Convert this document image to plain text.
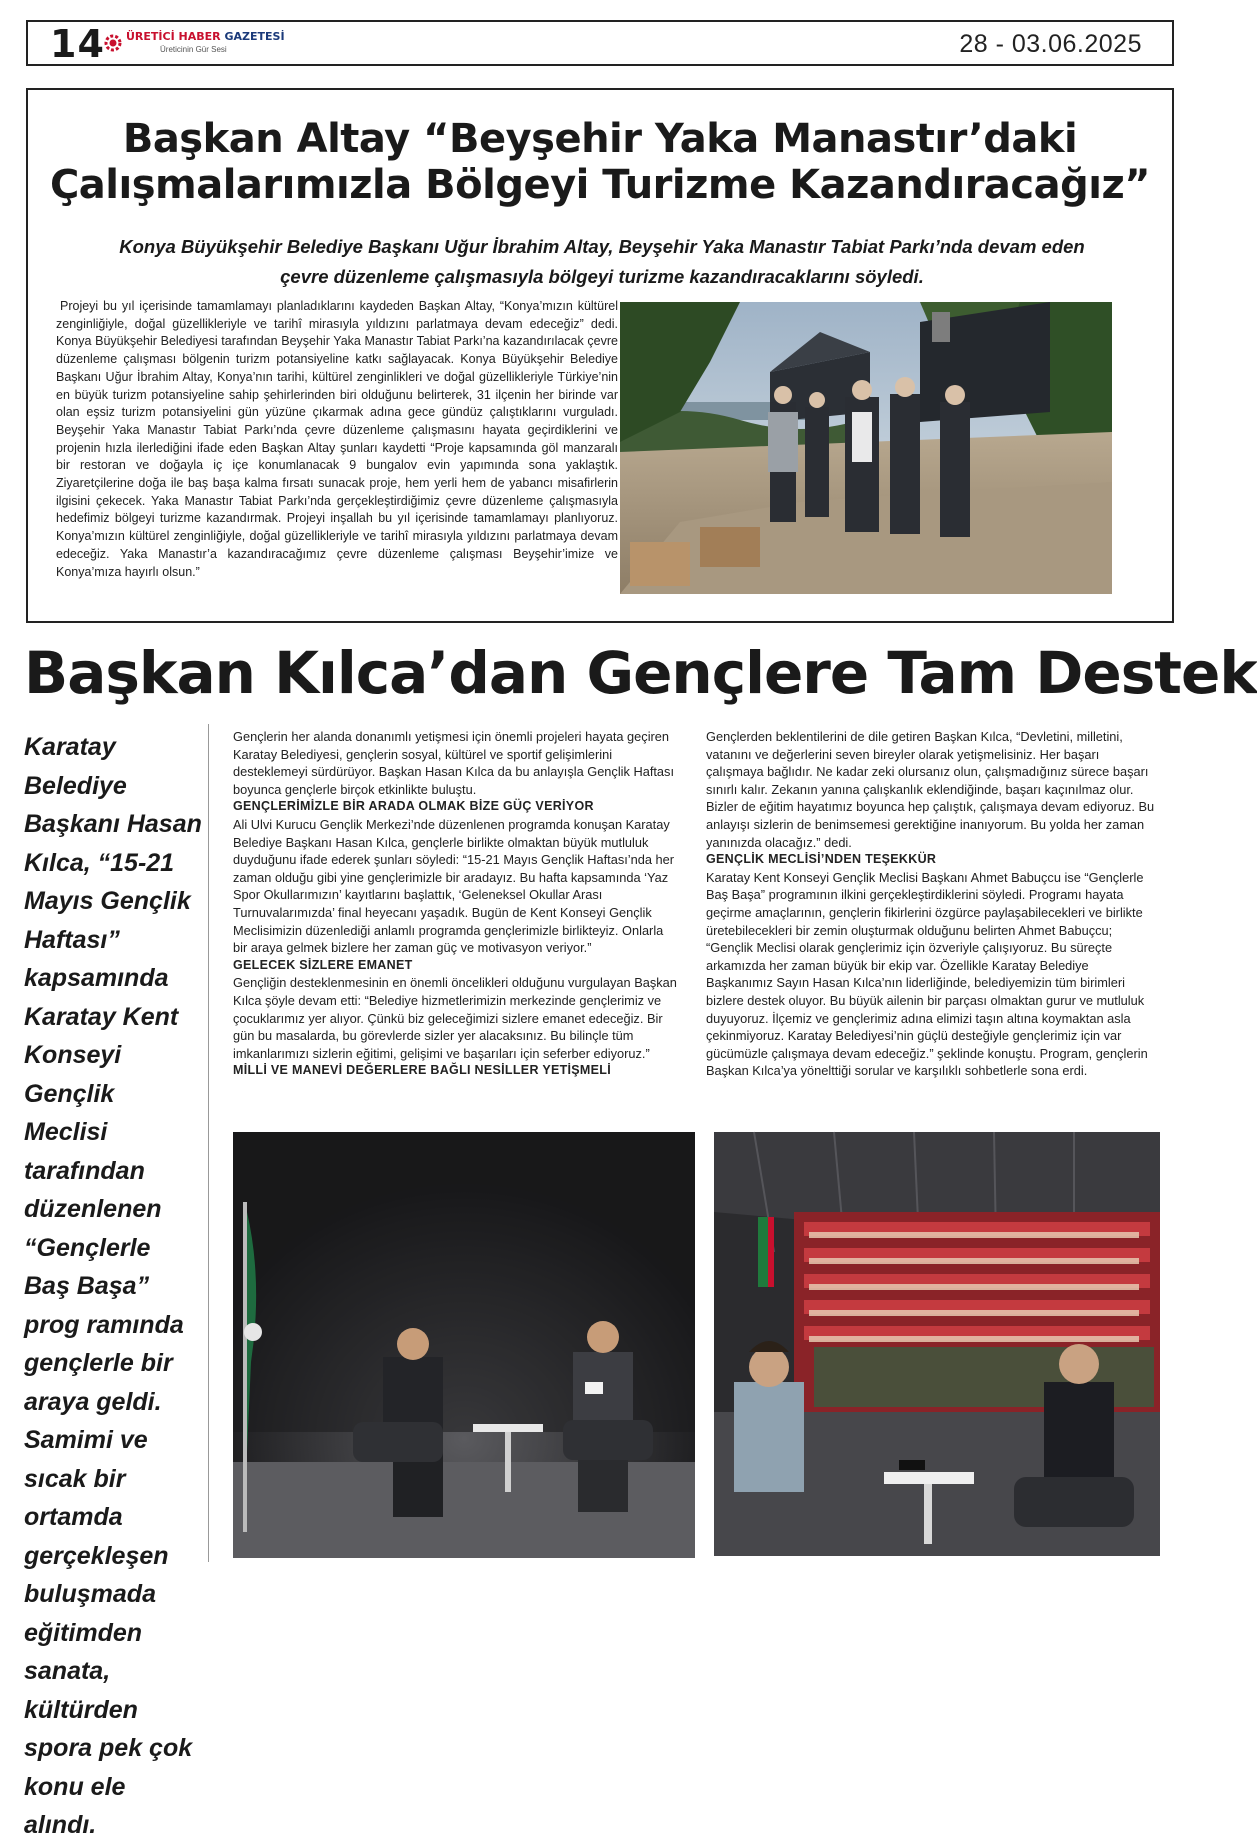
14 ÜRETİCİ HABER GAZETESİ
Üreticinin Gür Sesi	28 - 03.06.2025
Başkan Altay “Beyşehir Yaka Manastır’daki
Çalışmalarımızla Bölgeyi Turizme Kazandıracağız”
Konya Büyükşehir Belediye Başkanı Uğur İbrahim Altay, Beyşehir Yaka Manastır Tabiat Parkı’nda devam eden çevre düzenleme çalışmasıyla bölgeyi turizme kazandıracaklarını söyledi.
Projeyi bu yıl içerisinde tamamlamayı planladıklarını kaydeden Başkan Altay, “Konya’mızın kültürel zenginliğiyle, doğal güzellikleriyle ve tarihî mirasıyla yıldızını parlatmaya devam edeceğiz” dedi. Konya Büyükşehir Belediyesi tarafından Beyşehir Yaka Manastır Tabiat Parkı’na kazandırılacak çevre düzenleme çalışması bölgenin turizm potansiyeline katkı sağlayacak. Konya Büyükşehir Belediye Başkanı Uğur İbrahim Altay, Konya’nın tarihi, kültürel zenginlikleri ve doğal güzellikleriyle Türkiye’nin en büyük turizm potansiyeline sahip şehirlerinden biri olduğunu belirterek, 31 ilçenin her birinde var olan eşsiz turizm potansiyelini gün yüzüne çıkarmak adına gece gündüz çalıştıklarını vurguladı. Beyşehir Yaka Manastır Tabiat Parkı’nda çevre düzenleme çalışmasını hayata geçirdiklerini ve projenin hızla ilerlediğini ifade eden Başkan Altay şunları kaydetti “Proje kapsamında göl manzaralı bir restoran ve doğayla iç içe konumlanacak 9 bungalov evin yapımında sona yaklaştık. Ziyaretçilerine doğa ile baş başa kalma fırsatı sunacak proje, hem yerli hem de yabancı misafirlerin ilgisini çekecek. Yaka Manastır Tabiat Parkı’nda gerçekleştirdiğimiz çevre düzenleme çalışmasıyla hedefimiz bölgeyi turizme kazandırmak. Projeyi inşallah bu yıl içerisinde tamamlamayı planlıyoruz. Konya’mızın kültürel zenginliğiyle, doğal güzellikleriyle ve tarihî mirasıyla yıldızını parlatmaya devam edeceğiz. Yaka Manastır’a kazandıracağımız çevre düzenleme çalışması Beyşehir’imize ve Konya’mıza hayırlı olsun.”
Başkan Kılca’dan Gençlere Tam Destek
Karatay Belediye Başkanı Hasan Kılca, “15-21 Mayıs Gençlik Haftası” kapsamında Karatay Kent Konseyi Gençlik Meclisi tarafından düzenlenen “Gençlerle Baş Başa” prog ramında gençlerle bir araya geldi. Samimi ve sıcak bir ortamda gerçekleşen buluşmada eğitimden sanata, kültürden spora pek çok konu ele alındı.

Gençlerin her alanda donanımlı yetişmesi için önemli projeleri hayata geçiren Karatay Belediyesi, gençlerin sosyal, kültürel ve sportif gelişimlerini desteklemeyi sürdürüyor. Başkan Hasan Kılca da bu anlayışla Gençlik Haftası boyunca gençlerle birçok etkinlikte buluştu.

GENÇLERİMİZLE BİR ARADA OLMAK BİZE GÜÇ VERİYOR

Ali Ulvi Kurucu Gençlik Merkezi’nde düzenlenen programda konuşan Karatay Belediye Başkanı Hasan Kılca, gençlerle birlikte olmaktan büyük mutluluk duyduğunu ifade ederek şunları söyledi: “15-21 Mayıs Gençlik Haftası’nda her zaman olduğu gibi yine gençlerimizle bir aradayız. Bu hafta kapsamında ‘Yaz Spor Okullarımızın’ kayıtlarını başlattık, ‘Geleneksel Okullar Arası Turnuvalarımızda’ final heyecanı yaşadık. Bugün de Kent Konseyi Gençlik Meclisimizin düzenlediği anlamlı programda gençlerimizle birlikteyiz. Onlarla bir araya gelmek bizlere her zaman güç ve motivasyon veriyor.”

GELECEK SİZLERE EMANET

Gençliğin desteklenmesinin en önemli öncelikleri olduğunu vurgulayan Başkan Kılca şöyle devam etti: “Belediye hizmetlerimizin merkezinde gençlerimiz ve çocuklarımız yer alıyor. Çünkü biz geleceğimizi sizlere emanet edeceğiz. Bir gün bu masalarda, bu görevlerde sizler yer alacaksınız. Bu bilinçle tüm imkanlarımızı sizlerin eğitimi, gelişimi ve başarıları için seferber ediyoruz.”

MİLLİ VE MANEVİ DEĞERLERE BAĞLI NESİLLER YETİŞMELİ

Gençlerden beklentilerini de dile getiren Başkan Kılca, “Devletini, milletini, vatanını ve değerlerini seven bireyler olarak yetişmelisiniz. Her başarı çalışmaya bağlıdır. Ne kadar zeki olursanız olun, çalışmadığınız sürece başarı sınırlı kalır. Zekanın yanına çalışkanlık eklendiğinde, başarı kaçınılmaz olur. Bizler de eğitim hayatımız boyunca hep çalıştık, çalışmaya devam ediyoruz. Bu anlayışı sizlerin de benimsemesi gerektiğine inanıyorum. Bu yolda her zaman yanınızda olacağız.” dedi.

GENÇLİK MECLİSİ’NDEN TEŞEKKÜR

Karatay Kent Konseyi Gençlik Meclisi Başkanı Ahmet Babuçcu ise “Gençlerle Baş Başa” programının ilkini gerçekleştirdiklerini söyledi. Programı hayata geçirme amaçlarının, gençlerin fikirlerini özgürce paylaşabilecekleri ve birlikte üretebilecekleri bir zemin oluşturmak olduğunu belirten Ahmet Babuçcu; “Gençlik Meclisi olarak gençlerimiz için özveriyle çalışıyoruz. Bu süreçte arkamızda her zaman büyük bir ekip var. Özellikle Karatay Belediye Başkanımız Sayın Hasan Kılca’nın liderliğinde, belediyemizin tüm birimleri bizlere destek oluyor. Bu büyük ailenin bir parçası olmaktan gurur ve mutluluk duyuyoruz. İlçemiz ve gençlerimiz adına elimizi taşın altına koymaktan asla çekinmiyoruz. Karatay Belediyesi’nin güçlü desteğiyle gençlerimiz için var gücümüzle çalışmaya devam edeceğiz.” şeklinde konuştu. Program, gençlerin Başkan Kılca’ya yönelttiği sorular ve karşılıklı sohbetlerle sona erdi.
